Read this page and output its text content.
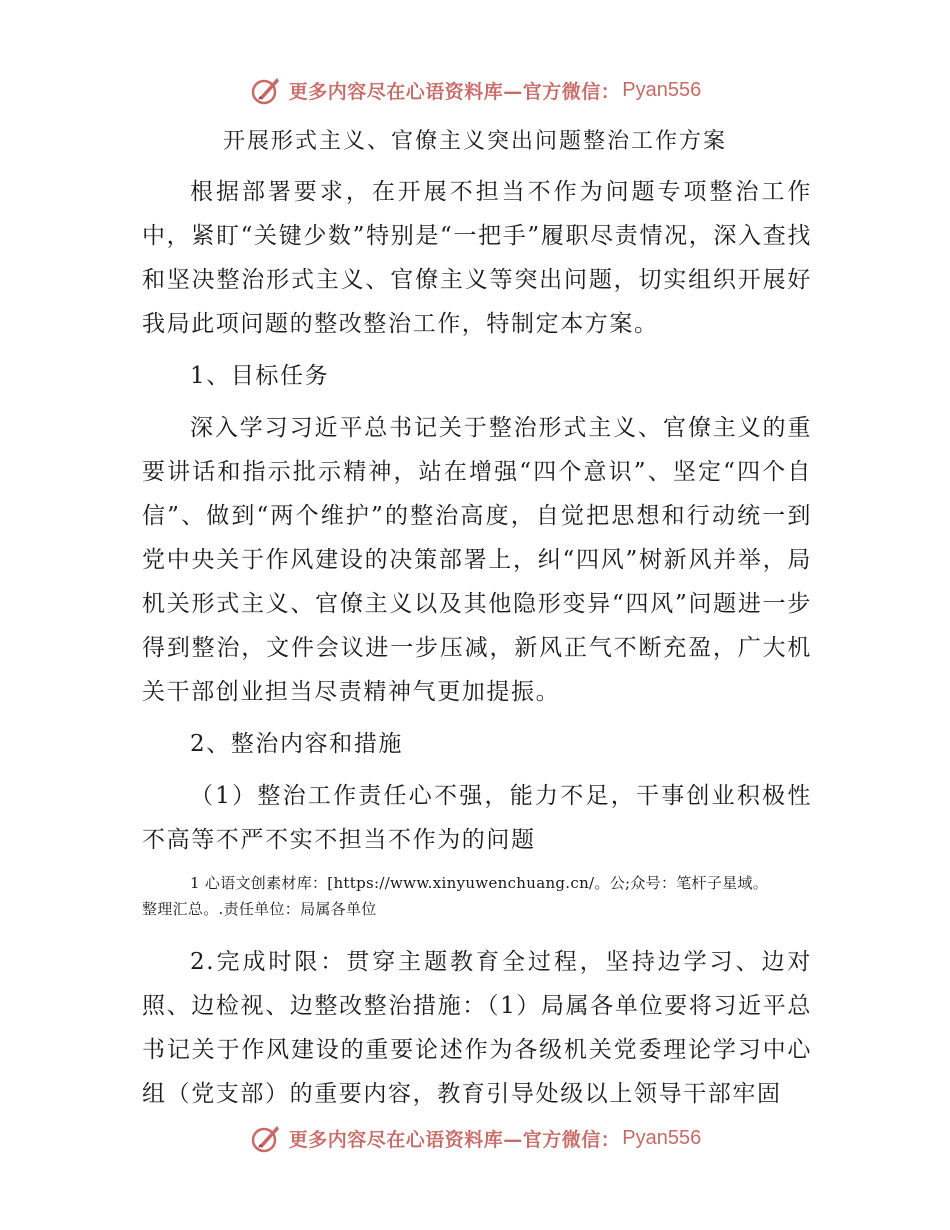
更多内容尽在心语资料库—官方微信： Pyan556
开展形式主义、官僚主义突出问题整治工作方案

根据部署要求，在开展不担当不作为问题专项整治工作中，紧盯“关键少数”特别是“一把手”履职尽责情况，深入查找和坚决整治形式主义、官僚主义等突出问题，切实组织开展好我局此项问题的整改整治工作，特制定本方案。

1、目标任务

深入学习习近平总书记关于整治形式主义、官僚主义的重要讲话和指示批示精神，站在增强“四个意识”、坚定“四个自信”、做到“两个维护”的整治高度，自觉把思想和行动统一到党中央关于作风建设的决策部署上，纠“四风”树新风并举，局机关形式主义、官僚主义以及其他隐形变异“四风”问题进一步得到整治，文件会议进一步压减，新风正气不断充盈，广大机关干部创业担当尽责精神气更加提振。

2、整治内容和措施

（1）整治工作责任心不强，能力不足，干事创业积极性不高等不严不实不担当不作为的问题

1 心语文创素材库：[https://www.xinyuwenchuang.cn/。公;众号：笔杆子星域。
整理汇总。.责任单位：局属各单位

2.完成时限：贯穿主题教育全过程，坚持边学习、边对照、边检视、边整改整治措施：（1）局属各单位要将习近平总书记关于作风建设的重要论述作为各级机关党委理论学习中心组（党支部）的重要内容，教育引导处级以上领导干部牢固

更多内容尽在心语资料库—官方微信： Pyan556
